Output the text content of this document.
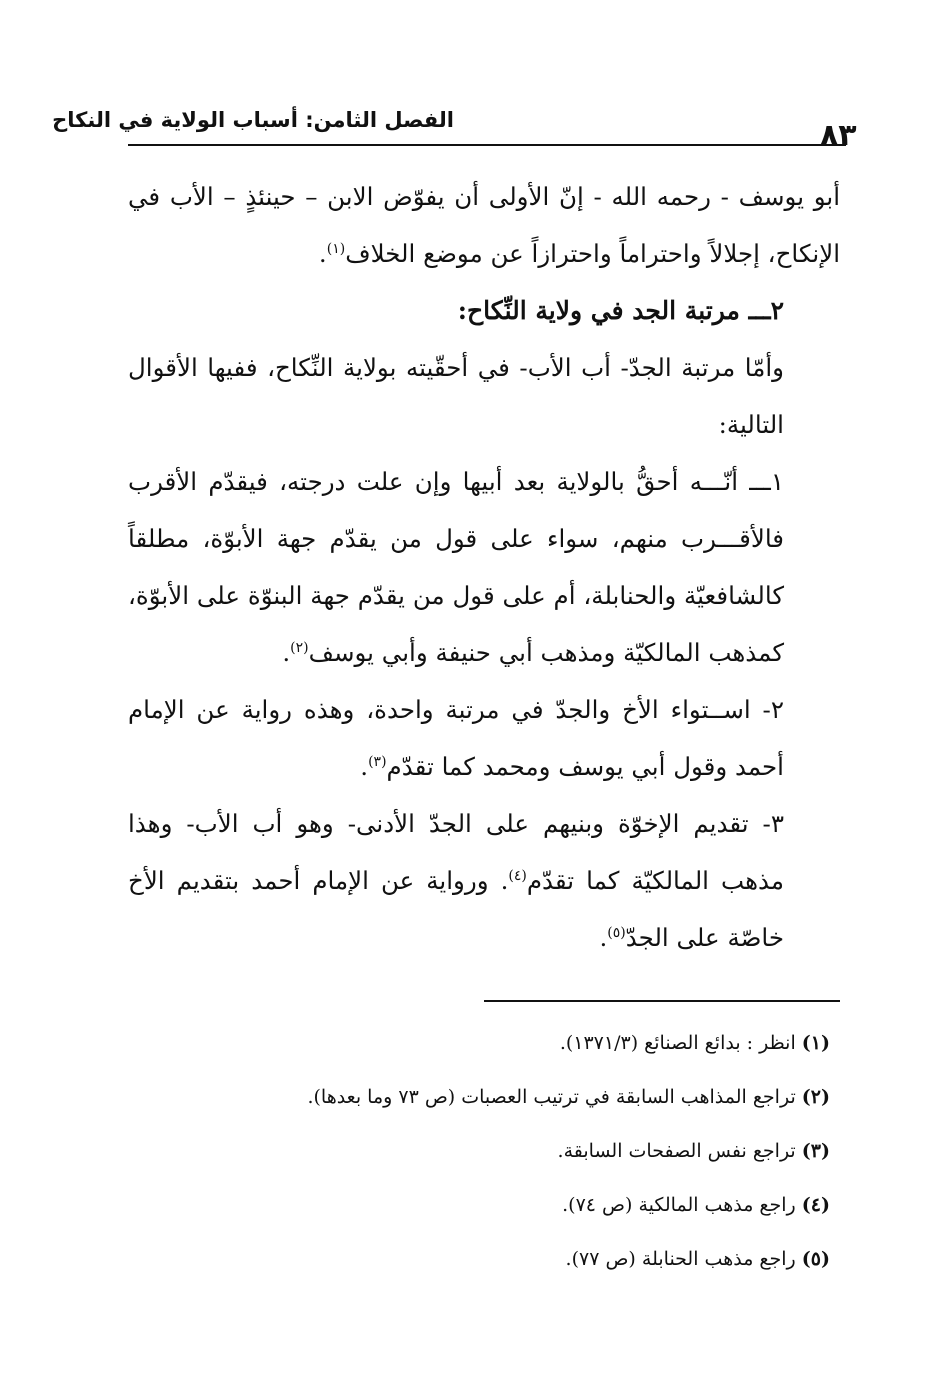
٨٣
الفصل الثامن: أسباب الولاية في النكاح

أبو يوسف - رحمه الله - إنّ الأولى أن يفوّض الابن – حينئذٍ – الأب في الإنكاح، إجلالاً واحتراماً واحترازاً عن موضع الخلاف$^{(١)}$.

٢ـــ مرتبة الجد في ولاية النِّكاح:

وأمّا مرتبة الجدّ- أب الأب- في أحقّيته بولاية النِّكاح، ففيها الأقوال التالية:

١ـــ أنّـــه أحقُّ بالولاية بعد أبيها وإن علت درجته، فيقدّم الأقرب فالأقـــرب منهم، سواء على قول من يقدّم جهة الأبوّة، مطلقاً كالشافعيّة والحنابلة، أم على قول من يقدّم جهة البنوّة على الأبوّة، كمذهب المالكيّة ومذهب أبي حنيفة وأبي يوسف$^{(٢)}$.

٢- اســتواء الأخ والجدّ في مرتبة واحدة، وهذه رواية عن الإمام أحمد وقول أبي يوسف ومحمد كما تقدّم$^{(٣)}$.

٣- تقديم الإخوّة وبنيهم على الجدّ الأدنى- وهو أب الأب- وهذا مذهب المالكيّة كما تقدّم$^{(٤)}$. ورواية عن الإمام أحمد بتقديم الأخ خاصّة على الجدّ$^{(٥)}$.

(١) انظر : بدائع الصنائع (١٣٧١/٣).

(٢) تراجع المذاهب السابقة في ترتيب العصبات (ص ٧٣ وما بعدها).

(٣) تراجع نفس الصفحات السابقة.

(٤) راجع مذهب المالكية (ص ٧٤).

(٥) راجع مذهب الحنابلة (ص ٧٧).
